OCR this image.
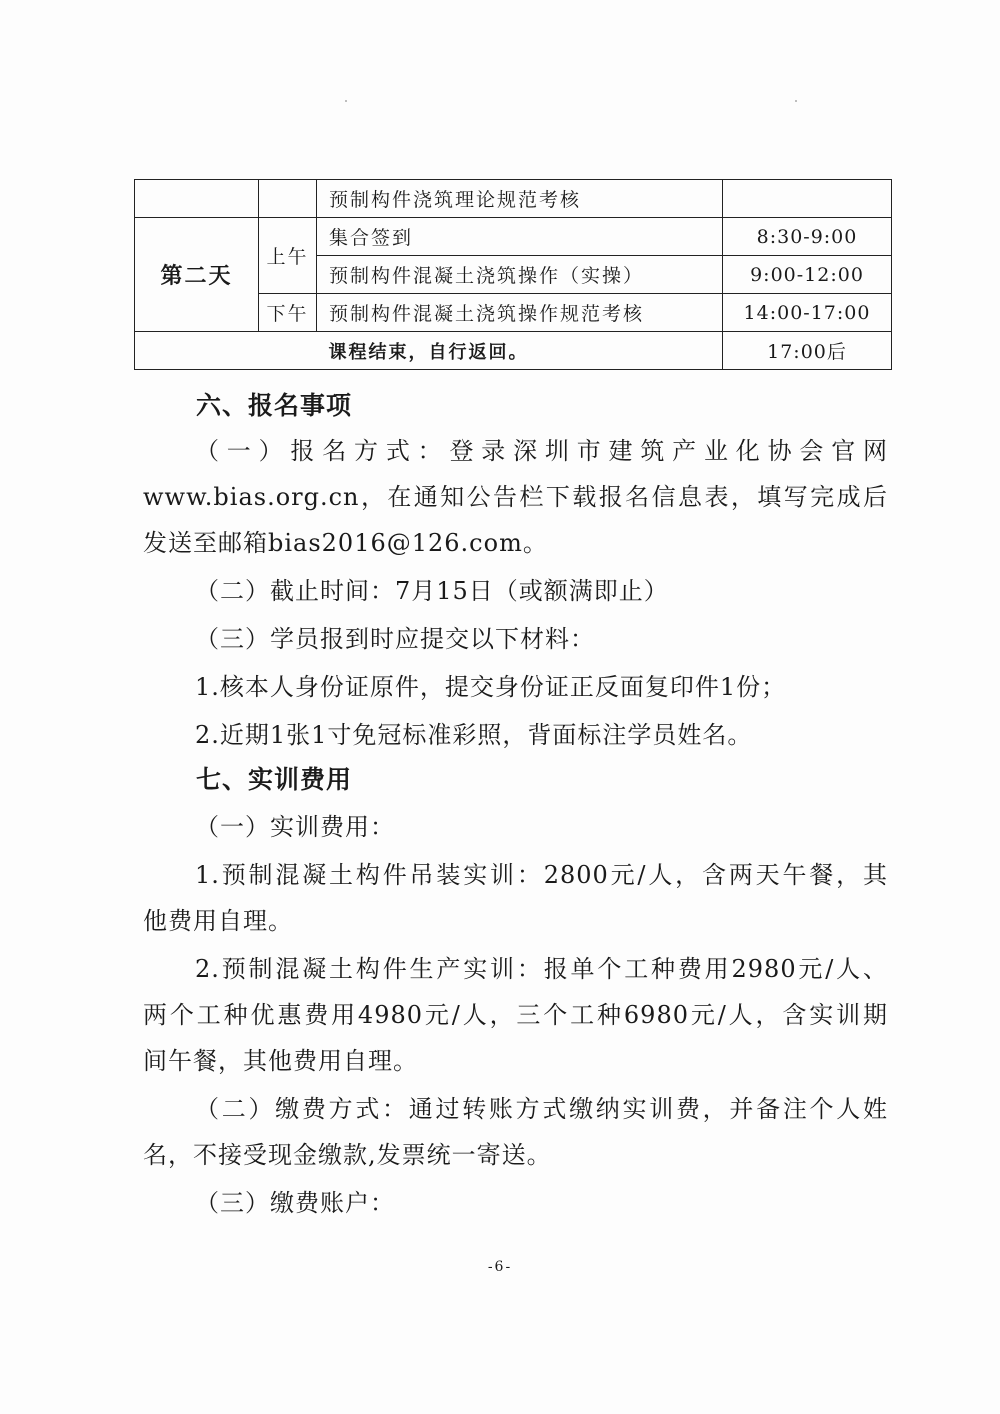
		预制构件浇筑理论规范考核	
第二天	上午	集合签到	8:30-9:00
		预制构件混凝土浇筑操作（实操）	9:00-12:00
	下午	预制构件混凝土浇筑操作规范考核	14:00-17:00
课程结束，自行返回。			17:00后
六、报名事项

（一）报名方式：登录深圳市建筑产业化协会官网

www.bias.org.cn，在通知公告栏下载报名信息表，填写完成后

发送至邮箱bias2016@126.com。

（二）截止时间：7月15日（或额满即止）

（三）学员报到时应提交以下材料：

1.核本人身份证原件，提交身份证正反面复印件1份；

2.近期1张1寸免冠标准彩照，背面标注学员姓名。

七、实训费用

（一）实训费用：

1.预制混凝土构件吊装实训：2800元/人，含两天午餐，其

他费用自理。

2.预制混凝土构件生产实训：报单个工种费用2980元/人、

两个工种优惠费用4980元/人，三个工种6980元/人，含实训期

间午餐，其他费用自理。

（二）缴费方式：通过转账方式缴纳实训费，并备注个人姓

名，不接受现金缴款,发票统一寄送。

（三）缴费账户：

-6-
